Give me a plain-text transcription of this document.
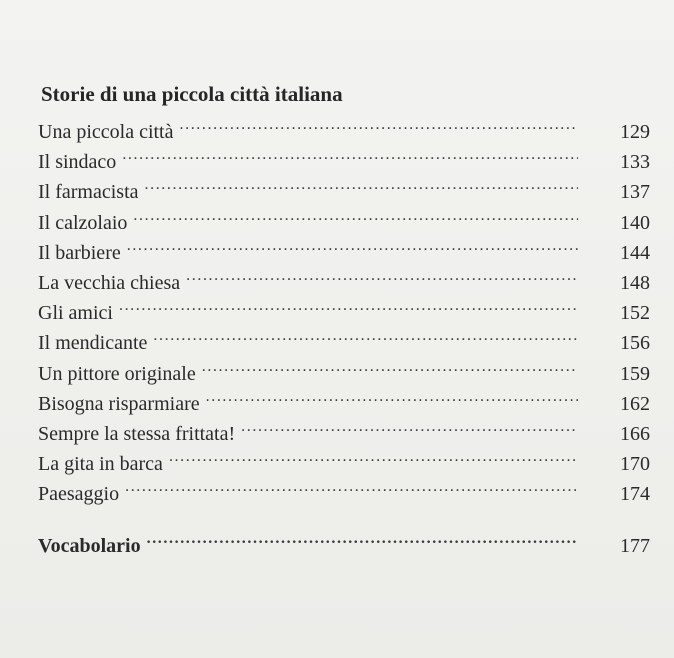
Storie di una piccola città italiana
Una piccola città .....	129
Il sindaco .....	133
Il farmacista .....	137
Il calzolaio .....	140
Il barbiere .....	144
La vecchia chiesa .....	148
Gli amici .....	152
Il mendicante .....	156
Un pittore originale .....	159
Bisogna risparmiare .....	162
Sempre la stessa frittata! .....	166
La gita in barca .....	170
Paesaggio .....	174
Vocabolario .....	177
